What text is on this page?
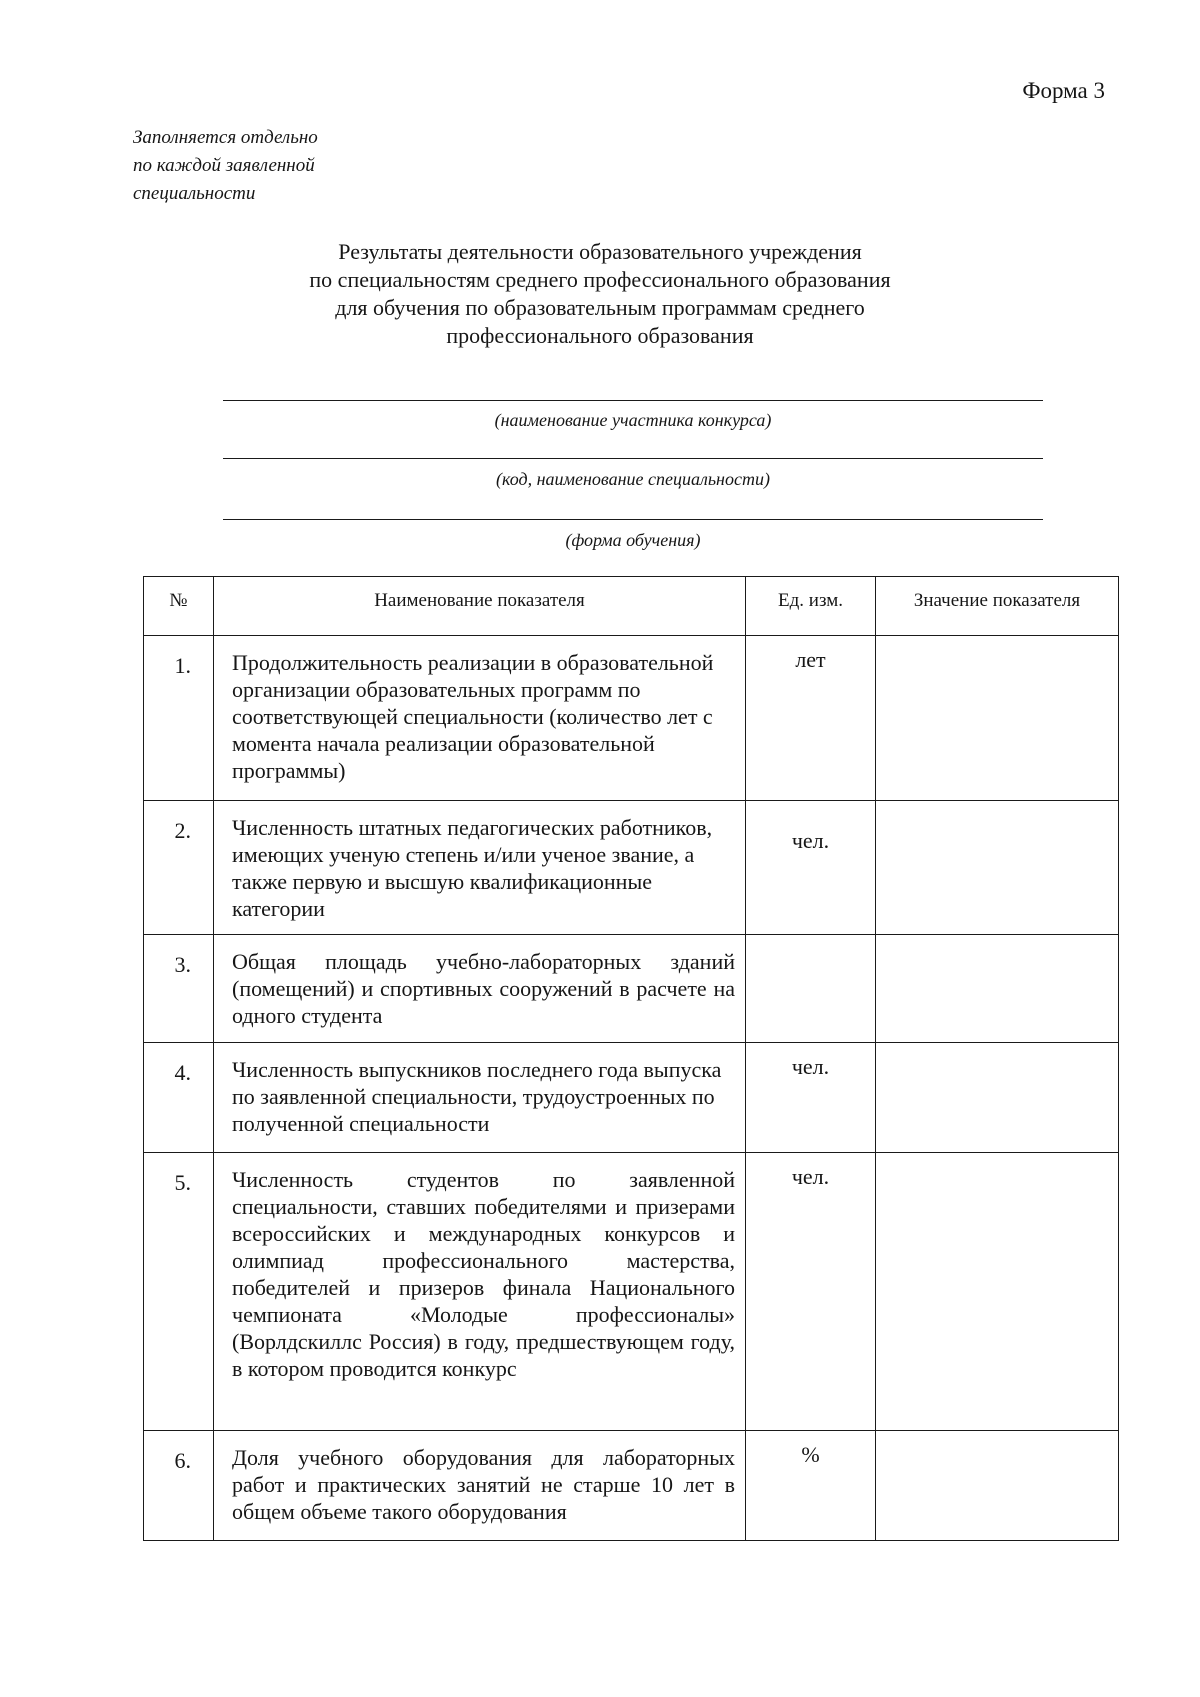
Форма 3
Заполняется отдельно
по каждой заявленной
специальности
Результаты деятельности образовательного учреждения
по специальностям среднего профессионального образования
для обучения по образовательным программам среднего
профессионального образования
(наименование участника конкурса)
(код, наименование специальности)
(форма обучения)
№	Наименование показателя	Ед. изм.	Значение показателя
1.	Продолжительность реализации в образовательной организации образовательных программ по соответствующей специальности (количество лет с момента начала реализации образовательной программы)	лет	
2.	Численность штатных педагогических работников, имеющих ученую степень и/или ученое звание, а также первую и высшую квалификационные категории	чел.	
3.	Общая площадь учебно-лабораторных зданий (помещений) и спортивных сооружений в расчете на одного студента		
4.	Численность выпускников последнего года выпуска по заявленной специальности, трудоустроенных по полученной специальности	чел.	
5.	Численность студентов по заявленной специальности, ставших победителями и призерами всероссийских и международных конкурсов и олимпиад профессионального мастерства, победителей и призеров финала Национального чемпионата «Молодые профессионалы» (Ворлдскиллс Россия) в году, предшествующем году, в котором проводится конкурс	чел.	
6.	Доля учебного оборудования для лабораторных работ и практических занятий не старше 10 лет в общем объеме такого оборудования	%	
